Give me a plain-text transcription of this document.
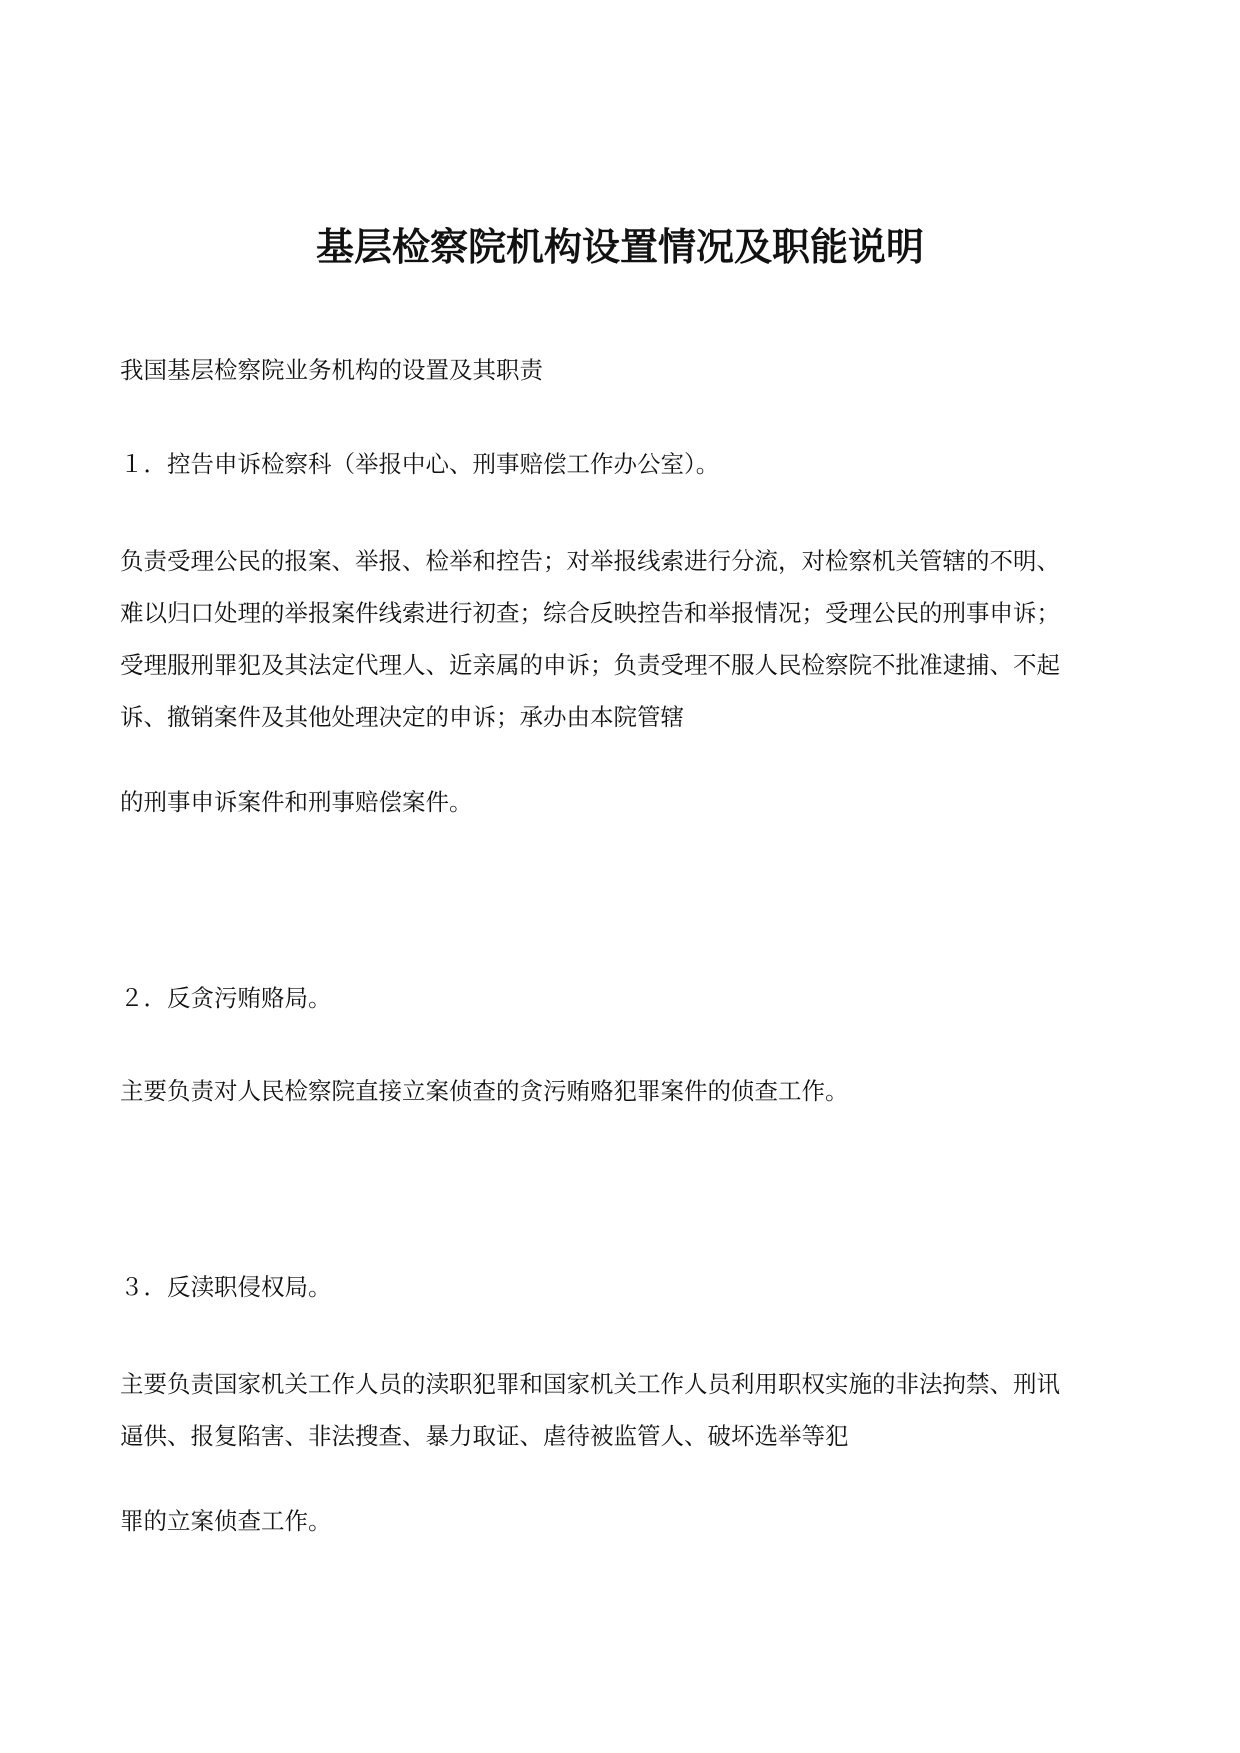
基层检察院机构设置情况及职能说明
我国基层检察院业务机构的设置及其职责
１．控告申诉检察科（举报中心、刑事赔偿工作办公室）。
负责受理公民的报案、举报、检举和控告；对举报线索进行分流，对检察机关管辖的不明、
难以归口处理的举报案件线索进行初查；综合反映控告和举报情况；受理公民的刑事申诉；
受理服刑罪犯及其法定代理人、近亲属的申诉；负责受理不服人民检察院不批准逮捕、不起
诉、撤销案件及其他处理决定的申诉；承办由本院管辖
的刑事申诉案件和刑事赔偿案件。
２．反贪污贿赂局。
主要负责对人民检察院直接立案侦查的贪污贿赂犯罪案件的侦查工作。
３．反渎职侵权局。
主要负责国家机关工作人员的渎职犯罪和国家机关工作人员利用职权实施的非法拘禁、刑讯
逼供、报复陷害、非法搜查、暴力取证、虐待被监管人、破坏选举等犯
罪的立案侦查工作。
